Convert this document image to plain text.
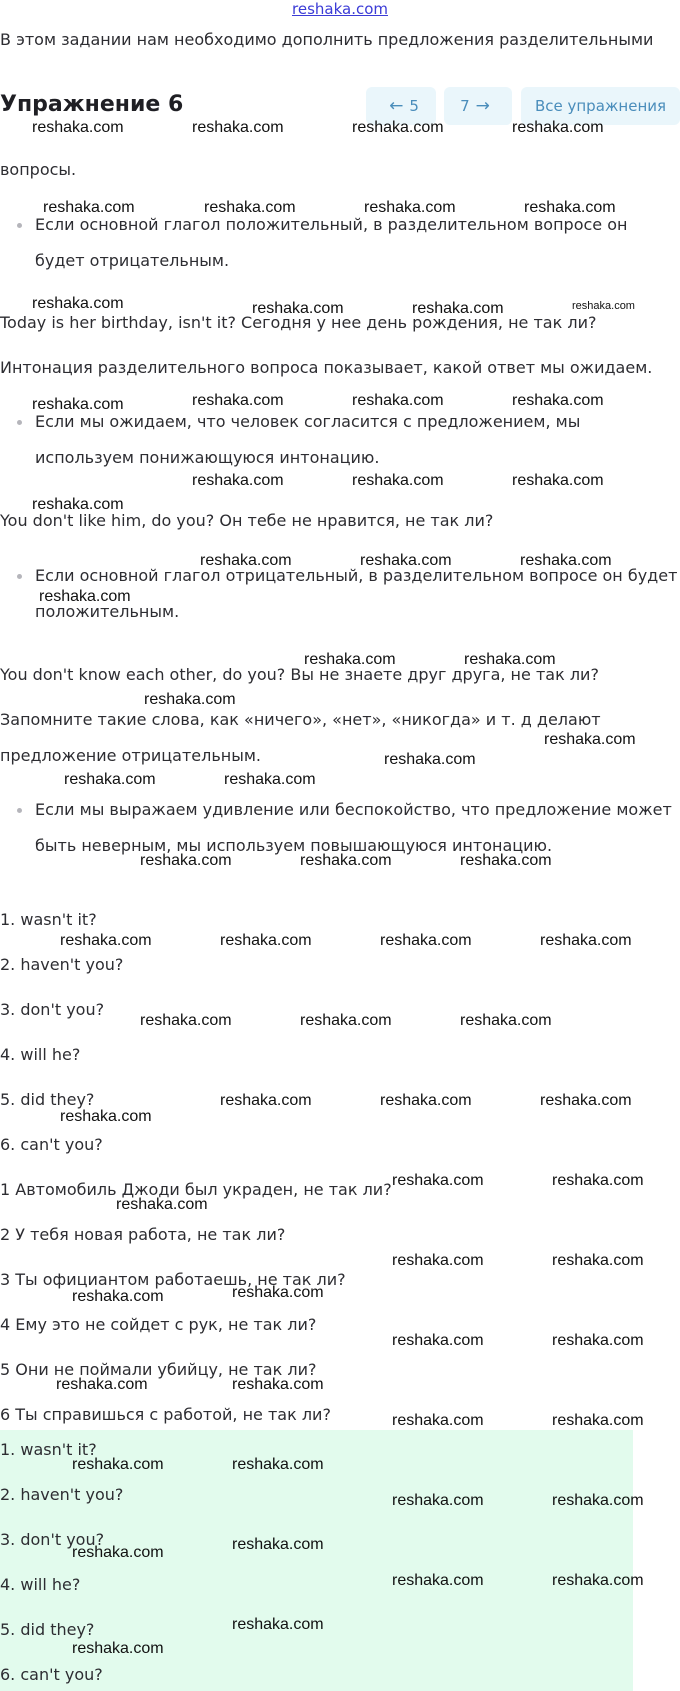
reshaka.com
В этом задании нам необходимо дополнить предложения разделительными
Упражнение 6	← 5	7 →	Все упражнения
вопросы.
Если основной глагол положительный, в разделительном вопросе он
будет отрицательным.
Today is her birthday, isn't it? Сегодня у нее день рождения, не так ли?
Интонация разделительного вопроса показывает, какой ответ мы ожидаем.
Если мы ожидаем, что человек согласится с предложением, мы
используем понижающуюся интонацию.
You don't like him, do you? Он тебе не нравится, не так ли?
Если основной глагол отрицательный, в разделительном вопросе он будет
положительным.
You don't know each other, do you? Вы не знаете друг друга, не так ли?
Запомните такие слова, как «ничего», «нет», «никогда» и т. д делают
предложение отрицательным.
Если мы выражаем удивление или беспокойство, что предложение может
быть неверным, мы используем повышающуюся интонацию.
1. wasn't it?
2. haven't you?
3. don't you?
4. will he?
5. did they?
6. can't you?
1 Автомобиль Джоди был украден, не так ли?
2 У тебя новая работа, не так ли?
3 Ты официантом работаешь, не так ли?
4 Ему это не сойдет с рук, не так ли?
5 Они не поймали убийцу, не так ли?
6 Ты справишься с работой, не так ли?
1. wasn't it?
2. haven't you?
3. don't you?
4. will he?
5. did they?
6. can't you?
reshaka.com	reshaka.com	reshaka.com	reshaka.com
reshaka.com	reshaka.com	reshaka.com	reshaka.com
reshaka.com	reshaka.com	reshaka.com	reshaka.com
reshaka.com	reshaka.com	reshaka.com	reshaka.com
reshaka.com	reshaka.com	reshaka.com
reshaka.com
reshaka.com	reshaka.com	reshaka.com
reshaka.com
reshaka.com	reshaka.com
reshaka.com
reshaka.com
reshaka.com
reshaka.com	reshaka.com
reshaka.com	reshaka.com	reshaka.com
reshaka.com	reshaka.com	reshaka.com	reshaka.com
reshaka.com	reshaka.com	reshaka.com
reshaka.com	reshaka.com	reshaka.com
reshaka.com
reshaka.com	reshaka.com
reshaka.com
reshaka.com	reshaka.com
reshaka.com
reshaka.com
reshaka.com	reshaka.com
reshaka.com	reshaka.com
reshaka.com	reshaka.com
reshaka.com	reshaka.com
reshaka.com	reshaka.com
reshaka.com
reshaka.com
reshaka.com	reshaka.com
reshaka.com
reshaka.com
